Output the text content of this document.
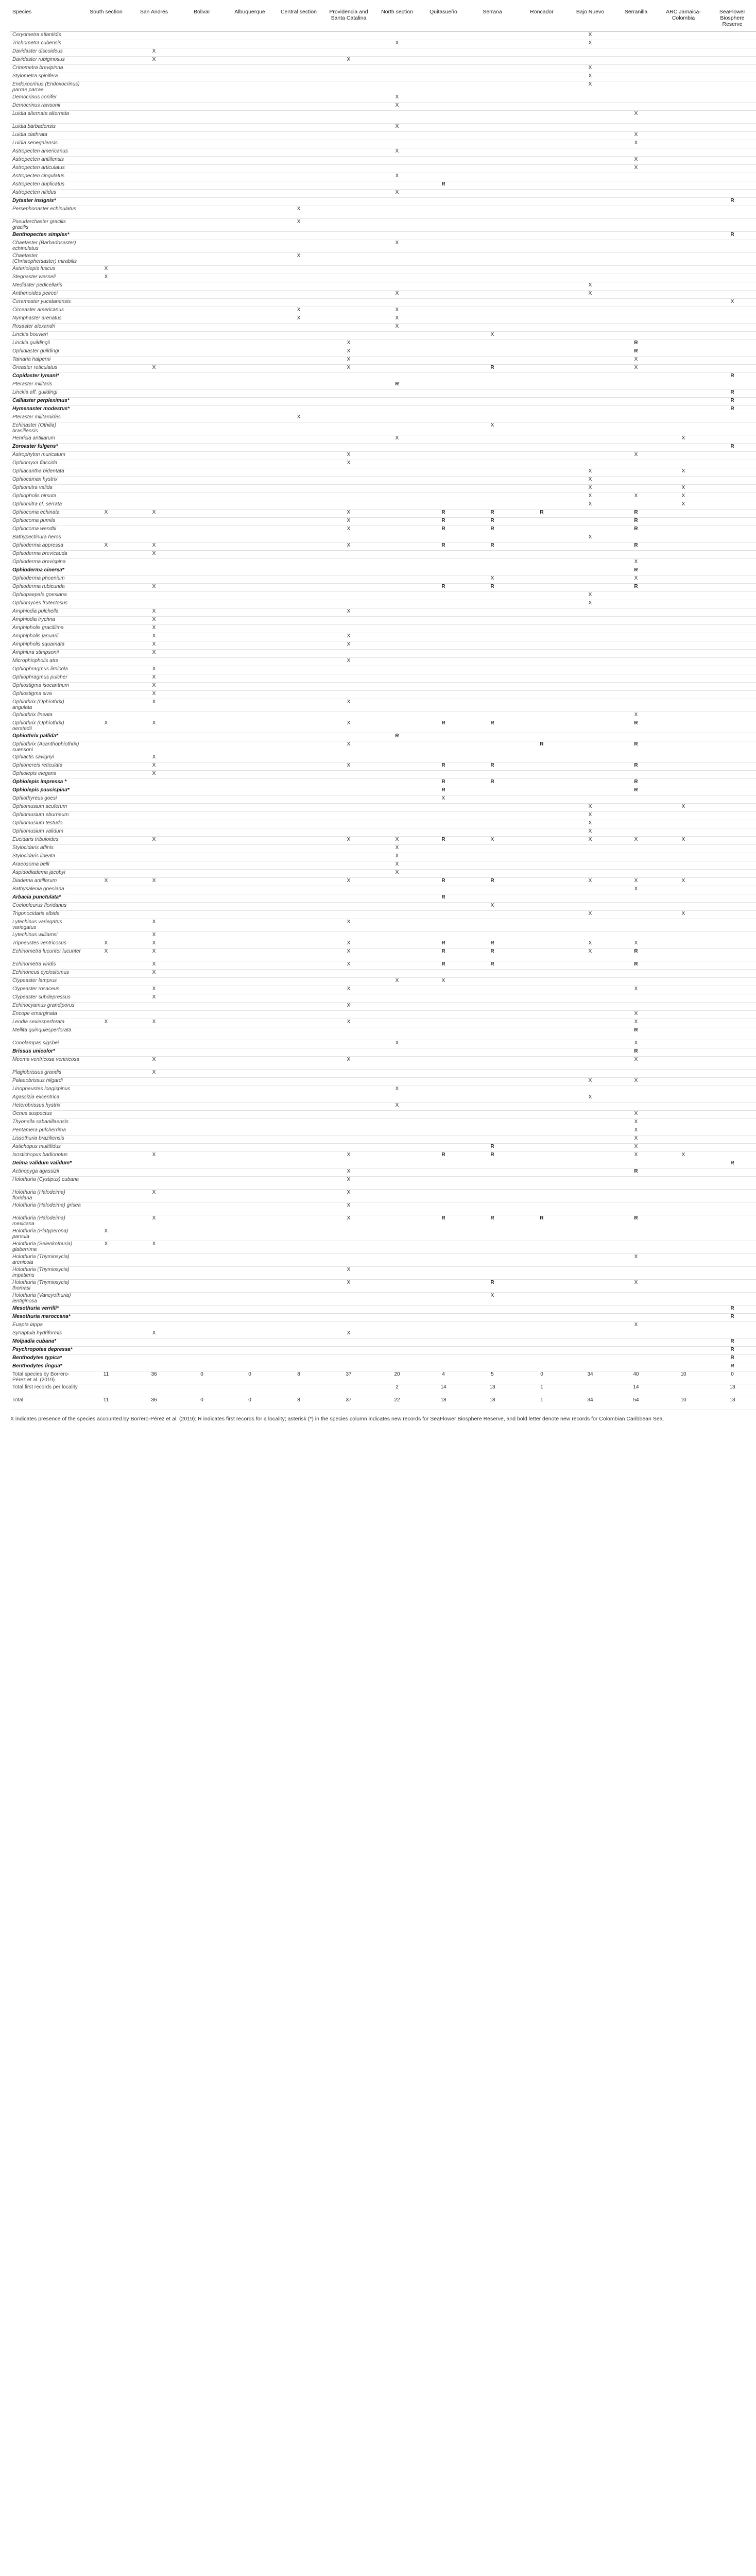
Species	South section	San Andrés	Bolivar	Albuquerque	Central section	Providencia and Santa Catalina	North section	Quitasueño	Serrana	Roncador	Bajo Nuevo	Serranilla	ARC Jamaica-Colombia	SeaFlower Biosphere Reserve
Ceryometra atlantidis											X			
Trichometra cubensis							X				X			
Davidaster discoideus		X												
Davidaster rubiginosus		X				X								
Crinometra brevipinna											X			
Stylometra spinifera											X			
Endoxocrinus (Endoxocrinus) parrae parrae											X			
Democrinus conifer							X							
Democrinus rawsonii							X							
Luidia alternata alternata												X		
Luidia barbadensis							X							
Luidia clathrata												X		
Luidia senegalensis												X		
Astropecten americanus							X							
Astropecten antillensis												X		
Astropecten articulatus												X		
Astropecten cingulatus							X							
Astropecten duplicatus								R						
Astropecten nitidus							X							
Dytaster insignis*														R
Persephonaster echinulatus					X									
Pseudarchaster gracilis gracilis					X									
Benthopecten simplex*														R
Chaetaster (Barbadosaster) echinulatus							X							
Chaetaster (Christophersaster) mirabilis					X									
Asteriolepis fuscus	X													
Stegnaster wesseli	X													
Mediaster pedicellaris											X			
Anthenoides peircei							X				X			
Ceramaster yucatanensis														X
Circeaster americanus					X		X							
Nymphaster arenatus					X		X							
Rosaster alexandri							X							
Linckia bouvieri									X					
Linckia guildingii						X						R		
Ophidiaster guildingi						X						R		
Tamaria halperni						X						X		
Oreaster reticulatus		X				X			R			X		
Copidaster lymani*														R
Pteraster militaris							R							
Linckia aff. guildingi														R
Calliaster perpleximus*														R
Hymenaster modestus*														R
Pteraster militaroides					X									
Echinaster (Othilia) brasiliensis									X					
Henricia antillarum							X						X	
Zoroaster fulgens*														R
Astrophyton muricatum						X						X		
Ophiomyxa flaccida						X								
Ophiacantha bidentata											X		X	
Ophiocamax hystrix											X			
Ophiomitra valida											X		X	
Ophiopholis hirsuta											X	X	X	
Ophiomitra cf. serrata											X		X	
Ophiocoma echinata	X	X				X		R	R	R		R		
Ophiocoma pumila						X		R	R			R		
Ophiocoma wendtii						X		R	R			R		
Bathypectinura heros											X			
Ophioderma appressa	X	X				X		R	R			R		
Ophioderma brevicauda		X												
Ophioderma brevispina												X		
Ophioderma cinerea*												R		
Ophioderma phoenium									X			X		
Ophioderma rubicunda		X						R	R			R		
Ophiopaepale goesiana											X			
Ophiomyces frutectosus											X			
Amphiodia pulchella		X				X								
Amphiodia trychna		X												
Amphipholis gracillima		X												
Amphipholis januarii		X				X								
Amphipholis squamata		X				X								
Amphiura stimpsonii		X												
Microphiopholis atra						X								
Ophiophragmus lirnicola		X												
Ophiophragmus pulcher		X												
Ophiostigma isocanthum		X												
Ophiostigma siva		X												
Ophiothrix (Ophiothrix) angulata		X				X								
Ophiothrix lineata												X		
Ophiothrix (Ophiothrix) oerstedii	X	X				X		R	R			R		
Ophiothrix pallida*							R							
Ophiothrix (Acanthophiothrix) suensoni						X				R		R		
Ophiactis savignyi		X												
Ophionereis reticulata		X				X		R	R			R		
Ophiolepis elegans		X												
Ophiolepis impressa *								R	R			R		
Ophiolepis paucispina*								R				R		
Ophiothyreus goesi								X						
Ophiomusium acuferum											X		X	
Ophiomusium eburneum											X			
Ophiomusium testudo											X			
Ophiomusium validum											X			
Eucidaris tribuloides		X				X	X	R	X		X	X	X	
Stylocidaris affinis							X							
Stylocidaris lineata							X							
Araeosoma belli							X							
Aspidodiadema jacobyi							X							
Diadema antillarum	X	X				X		R	R		X	X	X	
Bathysalenia goesiana												X		
Arbacia punctulata*								R						
Coelopleurus floridanus									X					
Trigonocidaris albida											X		X	
Lytechinus variegatus variegatus		X				X								
Lytechinus williamsi		X												
Tripneustes ventricosus	X	X				X		R	R		X	X		
Echinometra lucunter lucunter	X	X				X		R	R		X	R		
Echinometra viridis		X				X		R	R			R		
Echinoneus cyclostomus		X												
Clypeaster lamprus							X	X						
Clypeaster rosaceus		X				X						X		
Clypeaster subdepressus		X												
Echinocyamus grandiporus						X								
Encope emarginata												X		
Leodia sexiesperforata	X	X				X						X		
Mellita quinquiesperforata												R		
Conolampas sigsbei							X					X		
Brissus unicolor*												R		
Meoma ventricosa ventricosa		X				X						X		
Plagiobrissus grandis		X												
Palaeobrissus hilgardi											X	X		
Linopneustes longispinus							X							
Agassizia excentrica											X			
Heterobrissus hystrix							X							
Ocnus suspectus												X		
Thyonella sabanillaensis												X		
Pentamera pulcherrima												X		
Lissothuria braziliensis												X		
Astichopus multifidus									R			X		
Isostichopus badionotus		X				X		R	R			X	X	
Deima validum validum*														R
Actinopyga agassizii						X						R		
Holothuria (Cystipus) cubana						X								
Holothuria (Halodeima) floridana		X				X								
Holothuria (Halodeima) grisea						X								
Holothuria (Halodeima) mexicana		X				X		R	R	R		R		
Holothuria (Platyperona) parvula	X													
Holothuria (Selenkothuria) glaberrima	X	X												
Holothuria (Thymiosycia) arenicola												X		
Holothuria (Thymiosycia) impatiens						X								
Holothuria (Thymiosycia) thomasi						X			R			X		
Holothuria (Vaneyothuria) lentiginosa									X					
Mesothuria verrilli*														R
Mesothuria maroccana*														R
Euapta lappa												X		
Synaptula hydriformis		X				X								
Molpadia cubana*														R
Psychropotes depressa*														R
Benthodytes typica*														R
Benthodytes lingua*														R
Total species by Borrero-Pérez et al. (2019)	11	36	0	0	8	37	20	4	5	0	34	40	10	0
Total first records per locality							2	14	13	1		14		13
Total	11	36	0	0	8	37	22	18	18	1	34	54	10	13
X indicates presence of the species accounted by Borrero-Pérez et al. (2019); R indicates first records for a locality; asterisk (*) in the species column indicates new records for SeaFlower Biosphere Reserve, and bold letter denote new records for Colombian Caribbean Sea.
